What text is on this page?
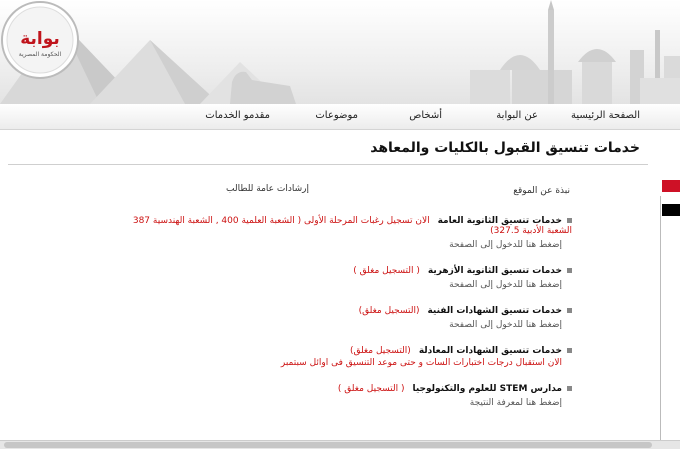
بوابة
الحكومة المصرية
الصفحة الرئيسية
عن البوابة
أشخاص
موضوعات
مقدمو الخدمات
خدمات تنسيق القبول بالكليات والمعاهد
نبذة عن الموقع
إرشادات عامة للطالب
خدمات تنسيق الثانوية العامةالان تسجيل رغبات المرحلة الأولى ( الشعبة العلمية 400 , الشعبة الهندسية 387 الشعبة الأدبية 327.5)
إضغط هنا للدخول إلى الصفحة
خدمات تنسيق الثانوية الأزهرية( التسجيل مغلق )
إضغط هنا للدخول إلى الصفحة
خدمات تنسيق الشهادات الفنية(التسجيل مغلق)
إضغط هنا للدخول إلى الصفحة
خدمات تنسيق الشهادات المعادلة(التسجيل مغلق)
الان استقبال درجات اختبارات السات و حتى موعد التنسيق فى اوائل سبتمبر
مدارس STEM للعلوم والتكنولوجيا( التسجيل مغلق )
إضغط هنا لمعرفة النتيجة
